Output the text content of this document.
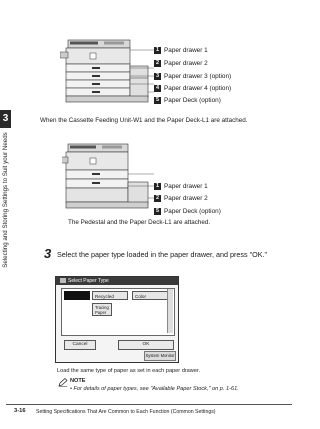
3
Selecting and Storing Settings to Suit your Needs
1 Paper drawer 1
2 Paper drawer 2
3 Paper drawer 3 (option)
4 Paper drawer 4 (option)
5 Paper Deck (option)
When the Cassette Feeding Unit-W1 and the Paper Deck-L1 are attached.
1 Paper drawer 1
2 Paper drawer 2
5 Paper Deck (option)
The Pedestal and the Paper Deck-L1 are attached.
3 Select the paper type loaded in the paper drawer, and press "OK."
Select Paper Type
Recycled	Color
Tracing Paper
Cancel	OK
System Monitor
Load the same type of paper as set in each paper drawer.
NOTE
• For details of paper types, see "Available Paper Stock," on p. 1-61.
3-16 Setting Specifications That Are Common to Each Function (Common Settings)
